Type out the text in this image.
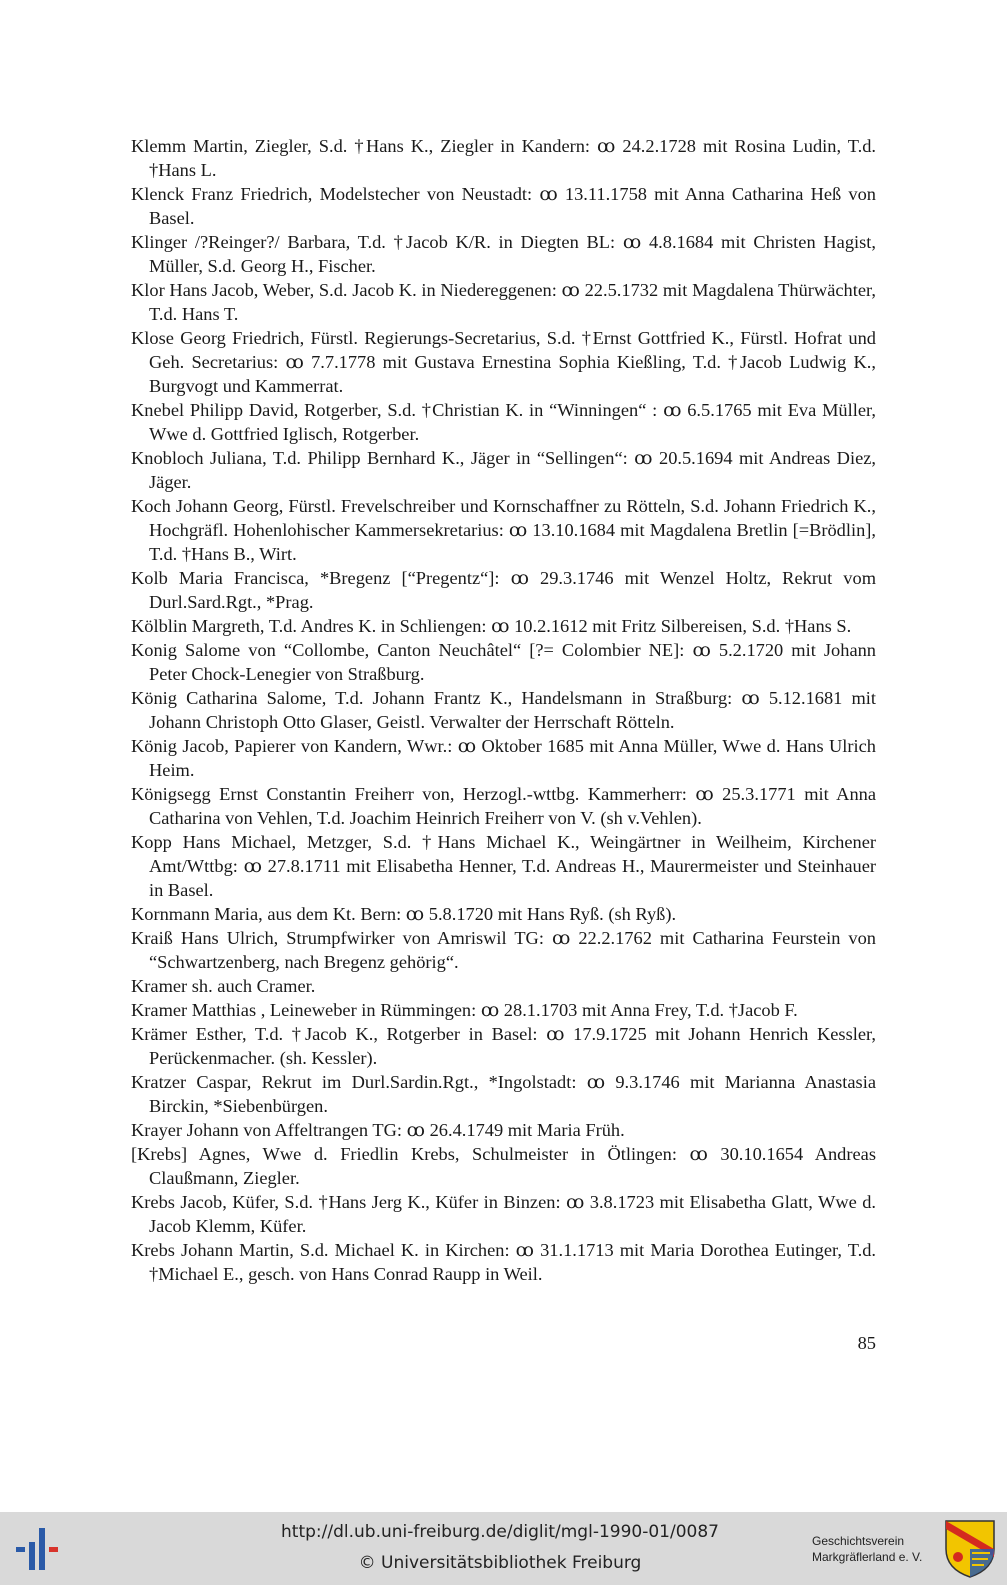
Klemm Martin, Ziegler, S.d. †Hans K., Ziegler in Kandern: ꝏ 24.2.1728 mit Rosina Ludin, T.d. †Hans L.

Klenck Franz Friedrich, Modelstecher von Neustadt: ꝏ 13.11.1758 mit Anna Catharina Heß von Basel.

Klinger /?Reinger?/ Barbara, T.d. †Jacob K/R. in Diegten BL: ꝏ 4.8.1684 mit Christen Hagist, Müller, S.d. Georg H., Fischer.

Klor Hans Jacob, Weber, S.d. Jacob K. in Niedereggenen: ꝏ 22.5.1732 mit Magdalena Thürwächter, T.d. Hans T.

Klose Georg Friedrich, Fürstl. Regierungs-Secretarius, S.d. †Ernst Gottfried K., Fürstl. Hofrat und Geh. Secretarius: ꝏ 7.7.1778 mit Gustava Ernestina Sophia Kießling, T.d. †Jacob Ludwig K., Burgvogt und Kammerrat.

Knebel Philipp David, Rotgerber, S.d. †Christian K. in “Winningen“ : ꝏ 6.5.1765 mit Eva Müller, Wwe d. Gottfried Iglisch, Rotgerber.

Knobloch Juliana, T.d. Philipp Bernhard K., Jäger in “Sellingen“: ꝏ 20.5.1694 mit Andreas Diez, Jäger.

Koch Johann Georg, Fürstl. Frevelschreiber und Kornschaffner zu Rötteln, S.d. Johann Friedrich K., Hochgräfl. Hohenlohischer Kammersekretarius: ꝏ 13.10.1684 mit Magdalena Bretlin [=Brödlin], T.d. †Hans B., Wirt.

Kolb Maria Francisca, *Bregenz [“Pregentz“]: ꝏ 29.3.1746 mit Wenzel Holtz, Rekrut vom Durl.Sard.Rgt., *Prag.

Kölblin Margreth, T.d. Andres K. in Schliengen: ꝏ 10.2.1612 mit Fritz Silbereisen, S.d. †Hans S.

Konig Salome von “Collombe, Canton Neuchâtel“ [?= Colombier NE]: ꝏ 5.2.1720 mit Johann Peter Chock-Lenegier von Straßburg.

König Catharina Salome, T.d. Johann Frantz K., Handelsmann in Straßburg: ꝏ 5.12.1681 mit Johann Christoph Otto Glaser, Geistl. Verwalter der Herrschaft Rötteln.

König Jacob, Papierer von Kandern, Wwr.: ꝏ Oktober 1685 mit Anna Müller, Wwe d. Hans Ulrich Heim.

Königsegg Ernst Constantin Freiherr von, Herzogl.-wttbg. Kammerherr: ꝏ 25.3.1771 mit Anna Catharina von Vehlen, T.d. Joachim Heinrich Freiherr von V. (sh v.Vehlen).

Kopp Hans Michael, Metzger, S.d. †Hans Michael K., Weingärtner in Weilheim, Kirchener Amt/Wttbg: ꝏ 27.8.1711 mit Elisabetha Henner, T.d. Andreas H., Maurermeister und Steinhauer in Basel.

Kornmann Maria, aus dem Kt. Bern: ꝏ 5.8.1720 mit Hans Ryß. (sh Ryß).

Kraiß Hans Ulrich, Strumpfwirker von Amriswil TG: ꝏ 22.2.1762 mit Catharina Feurstein von “Schwartzenberg, nach Bregenz gehörig“.

Kramer sh. auch Cramer.

Kramer Matthias , Leineweber in Rümmingen: ꝏ 28.1.1703 mit Anna Frey, T.d. †Jacob F.

Krämer Esther, T.d. †Jacob K., Rotgerber in Basel: ꝏ 17.9.1725 mit Johann Henrich Kessler, Perückenmacher. (sh. Kessler).

Kratzer Caspar, Rekrut im Durl.Sardin.Rgt., *Ingolstadt: ꝏ 9.3.1746 mit Marianna Anastasia Birckin, *Siebenbürgen.

Krayer Johann von Affeltrangen TG: ꝏ 26.4.1749 mit Maria Früh.

[Krebs] Agnes, Wwe d. Friedlin Krebs, Schulmeister in Ötlingen: ꝏ 30.10.1654 Andreas Claußmann, Ziegler.

Krebs Jacob, Küfer, S.d. †Hans Jerg K., Küfer in Binzen: ꝏ 3.8.1723 mit Elisabetha Glatt, Wwe d. Jacob Klemm, Küfer.

Krebs Johann Martin, S.d. Michael K. in Kirchen: ꝏ 31.1.1713 mit Maria Dorothea Eutinger, T.d. †Michael E., gesch. von Hans Conrad Raupp in Weil.

85
http://dl.ub.uni-freiburg.de/diglit/mgl-1990-01/0087
© Universitätsbibliothek Freiburg
Geschichtsverein
Markgräflerland e. V.
